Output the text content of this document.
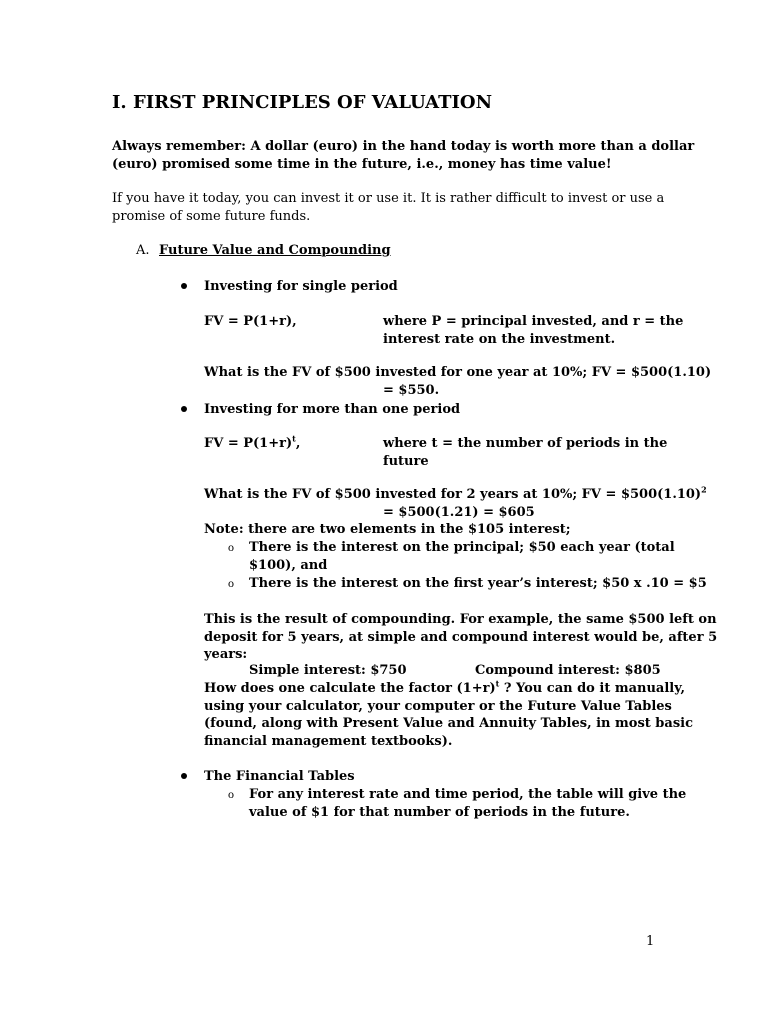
I. FIRST PRINCIPLES OF VALUATION
Always remember: A dollar (euro) in the hand today is worth more than a dollar
(euro) promised some time in the future, i.e., money has time value!
If you have it today, you can invest it or use it. It is rather difficult to invest or use a
promise of some future funds.
A. Future Value and Compounding
Investing for single period
FV = P(1+r),	where P = principal invested, and r = the
interest rate on the investment.
What is the FV of $500 invested for one year at 10%; FV = $500(1.10)
= $550.
Investing for more than one period
FV = $P(1+r)^t$,	where t = the number of periods in the
future
What is the FV of $500 invested for 2 years at 10%; FV = $\$500(1.10)^2$
= $500(1.21) = $605
Note: there are two elements in the $105 interest;
o There is the interest on the principal; $50 each year (total
$100), and
o There is the interest on the first year’s interest; $50 x .10 = $5
This is the result of compounding. For example, the same $500 left on
deposit for 5 years, at simple and compound interest would be, after 5
years:
Simple interest: $750	Compound interest: $805
How does one calculate the factor $(1+r)^t$ ? You can do it manually,
using your calculator, your computer or the Future Value Tables
(found, along with Present Value and Annuity Tables, in most basic
financial management textbooks).
The Financial Tables
o For any interest rate and time period, the table will give the
value of $1 for that number of periods in the future.
1
